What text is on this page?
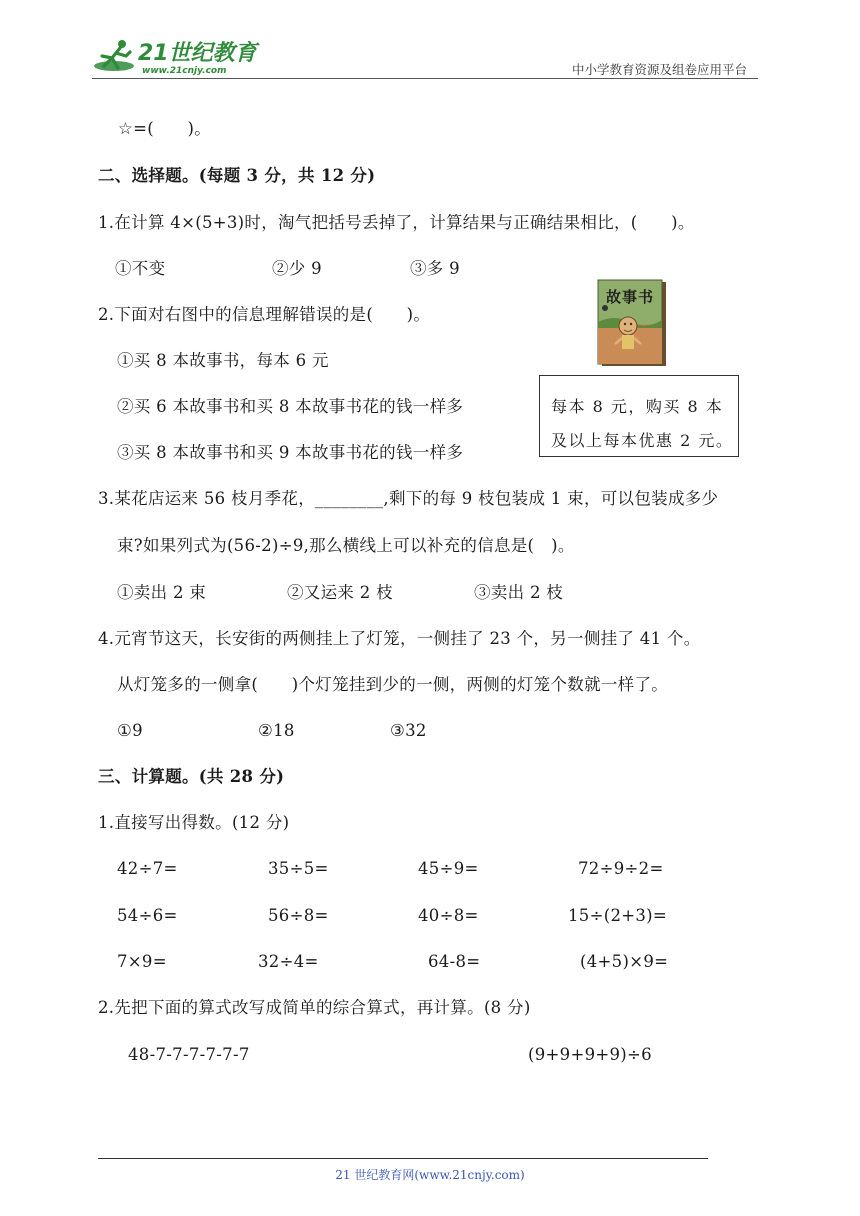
21世纪教育
www.21cnjy.com	中小学教育资源及组卷应用平台
☆=(　　)。
二、选择题。(每题 3 分，共 12 分)
1.在计算 4×(5+3)时，淘气把括号丢掉了，计算结果与正确结果相比，(　　)。
①不变	②少 9	③多 9
2.下面对右图中的信息理解错误的是(　　)。
①买 8 本故事书，每本 6 元
②买 6 本故事书和买 8 本故事书花的钱一样多
③买 8 本故事书和买 9 本故事书花的钱一样多
故事书
每本 8 元，购买 8 本
及以上每本优惠 2 元。
3.某花店运来 56 枝月季花，________,剩下的每 9 枝包装成 1 束，可以包装成多少
束?如果列式为(56-2)÷9,那么横线上可以补充的信息是(　)。
①卖出 2 束	②又运来 2 枝	③卖出 2 枝
4.元宵节这天，长安街的两侧挂上了灯笼，一侧挂了 23 个，另一侧挂了 41 个。
从灯笼多的一侧拿(　　)个灯笼挂到少的一侧，两侧的灯笼个数就一样了。
①9	②18	③32
三、计算题。(共 28 分)
1.直接写出得数。(12 分)
42÷7=	35÷5=	45÷9=	72÷9÷2=
54÷6=	56÷8=	40÷8=	15÷(2+3)=
7×9=	32÷4=	64-8=	(4+5)×9=
2.先把下面的算式改写成简单的综合算式，再计算。(8 分)
48-7-7-7-7-7-7	(9+9+9+9)÷6
21 世纪教育网(www.21cnjy.com)
